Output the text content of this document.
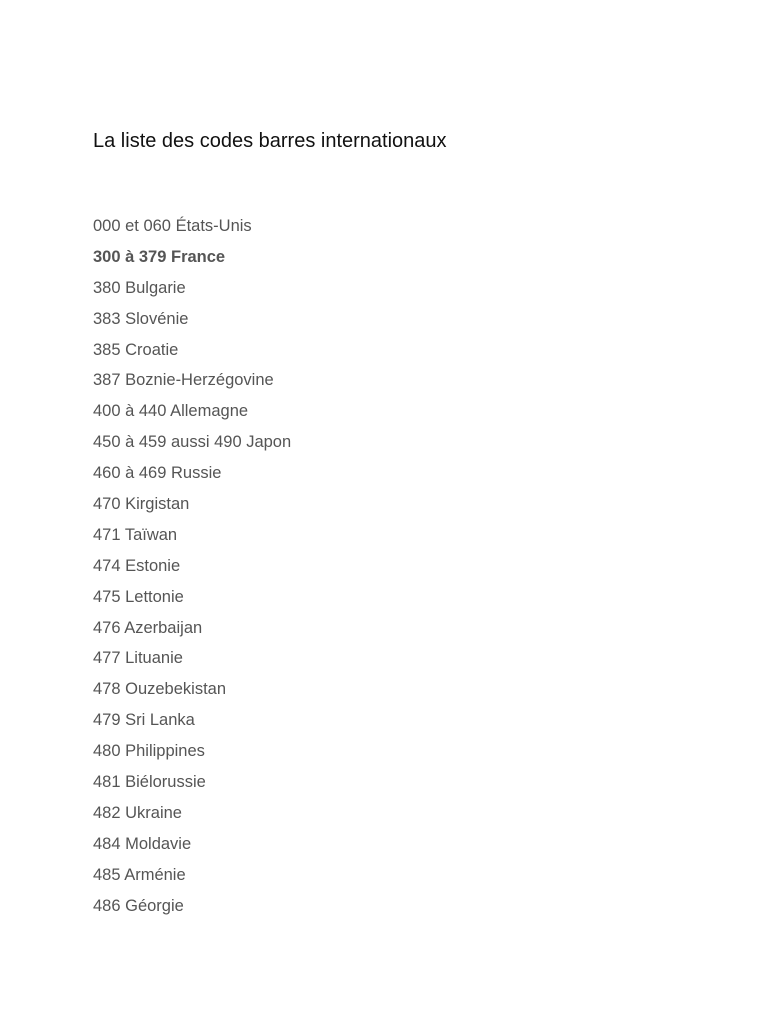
La liste des codes barres internationaux
000 et 060 États-Unis
300 à 379 France
380 Bulgarie
383 Slovénie
385 Croatie
387 Boznie-Herzégovine
400 à 440 Allemagne
450 à 459 aussi 490 Japon
460 à 469 Russie
470 Kirgistan
471 Taïwan
474 Estonie
475 Lettonie
476 Azerbaijan
477 Lituanie
478 Ouzebekistan
479 Sri Lanka
480 Philippines
481 Biélorussie
482 Ukraine
484 Moldavie
485 Arménie
486 Géorgie
